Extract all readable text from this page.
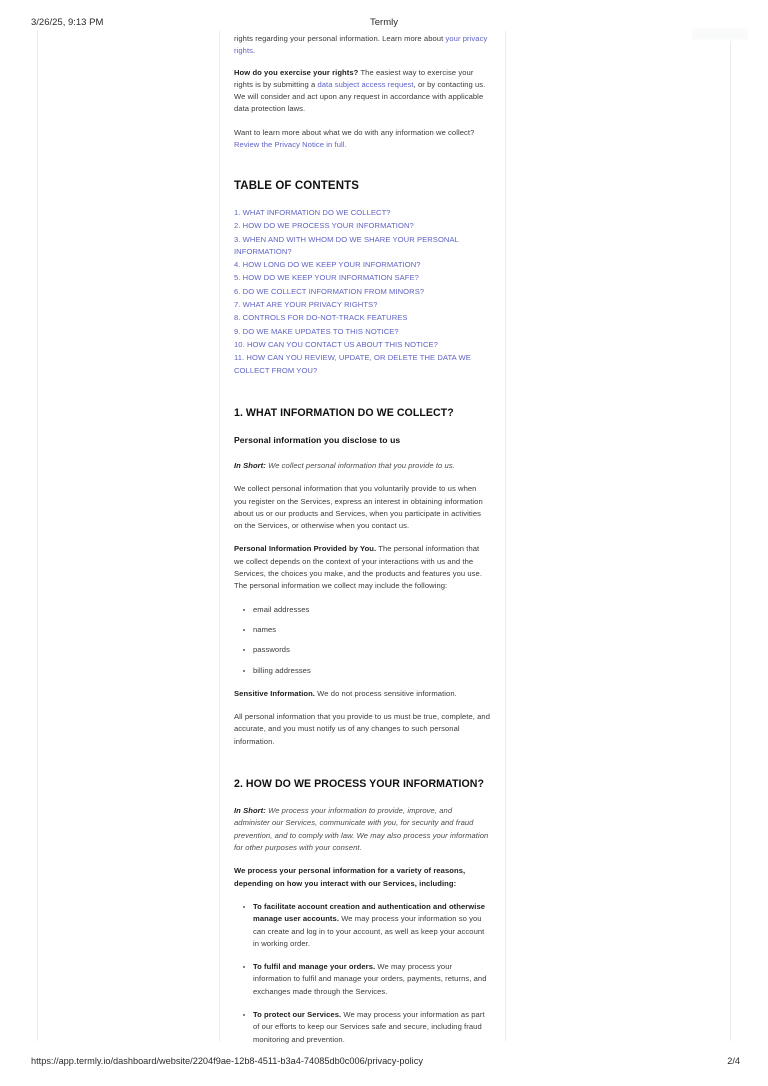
3/26/25, 9:13 PM	Termly

rights regarding your personal information. Learn more about your privacy rights.

How do you exercise your rights? The easiest way to exercise your rights is by submitting a data subject access request, or by contacting us. We will consider and act upon any request in accordance with applicable data protection laws.

Want to learn more about what we do with any information we collect? Review the Privacy Notice in full.

TABLE OF CONTENTS
1. WHAT INFORMATION DO WE COLLECT?
2. HOW DO WE PROCESS YOUR INFORMATION?
3. WHEN AND WITH WHOM DO WE SHARE YOUR PERSONAL INFORMATION?
4. HOW LONG DO WE KEEP YOUR INFORMATION?
5. HOW DO WE KEEP YOUR INFORMATION SAFE?
6. DO WE COLLECT INFORMATION FROM MINORS?
7. WHAT ARE YOUR PRIVACY RIGHTS?
8. CONTROLS FOR DO-NOT-TRACK FEATURES
9. DO WE MAKE UPDATES TO THIS NOTICE?
10. HOW CAN YOU CONTACT US ABOUT THIS NOTICE?
11. HOW CAN YOU REVIEW, UPDATE, OR DELETE THE DATA WE COLLECT FROM YOU?
1. WHAT INFORMATION DO WE COLLECT?
Personal information you disclose to us

In Short: We collect personal information that you provide to us.

We collect personal information that you voluntarily provide to us when you register on the Services, express an interest in obtaining information about us or our products and Services, when you participate in activities on the Services, or otherwise when you contact us.

Personal Information Provided by You. The personal information that we collect depends on the context of your interactions with us and the Services, the choices you make, and the products and features you use. The personal information we collect may include the following:

email addresses
names
passwords
billing addresses

Sensitive Information. We do not process sensitive information.

All personal information that you provide to us must be true, complete, and accurate, and you must notify us of any changes to such personal information.

2. HOW DO WE PROCESS YOUR INFORMATION?

In Short: We process your information to provide, improve, and administer our Services, communicate with you, for security and fraud prevention, and to comply with law. We may also process your information for other purposes with your consent.

We process your personal information for a variety of reasons, depending on how you interact with our Services, including:

To facilitate account creation and authentication and otherwise manage user accounts. We may process your information so you can create and log in to your account, as well as keep your account in working order.
To fulfil and manage your orders. We may process your information to fulfil and manage your orders, payments, returns, and exchanges made through the Services.
To protect our Services. We may process your information as part of our efforts to keep our Services safe and secure, including fraud monitoring and prevention.
https://app.termly.io/dashboard/website/2204f9ae-12b8-4511-b3a4-74085db0c006/privacy-policy	2/4
